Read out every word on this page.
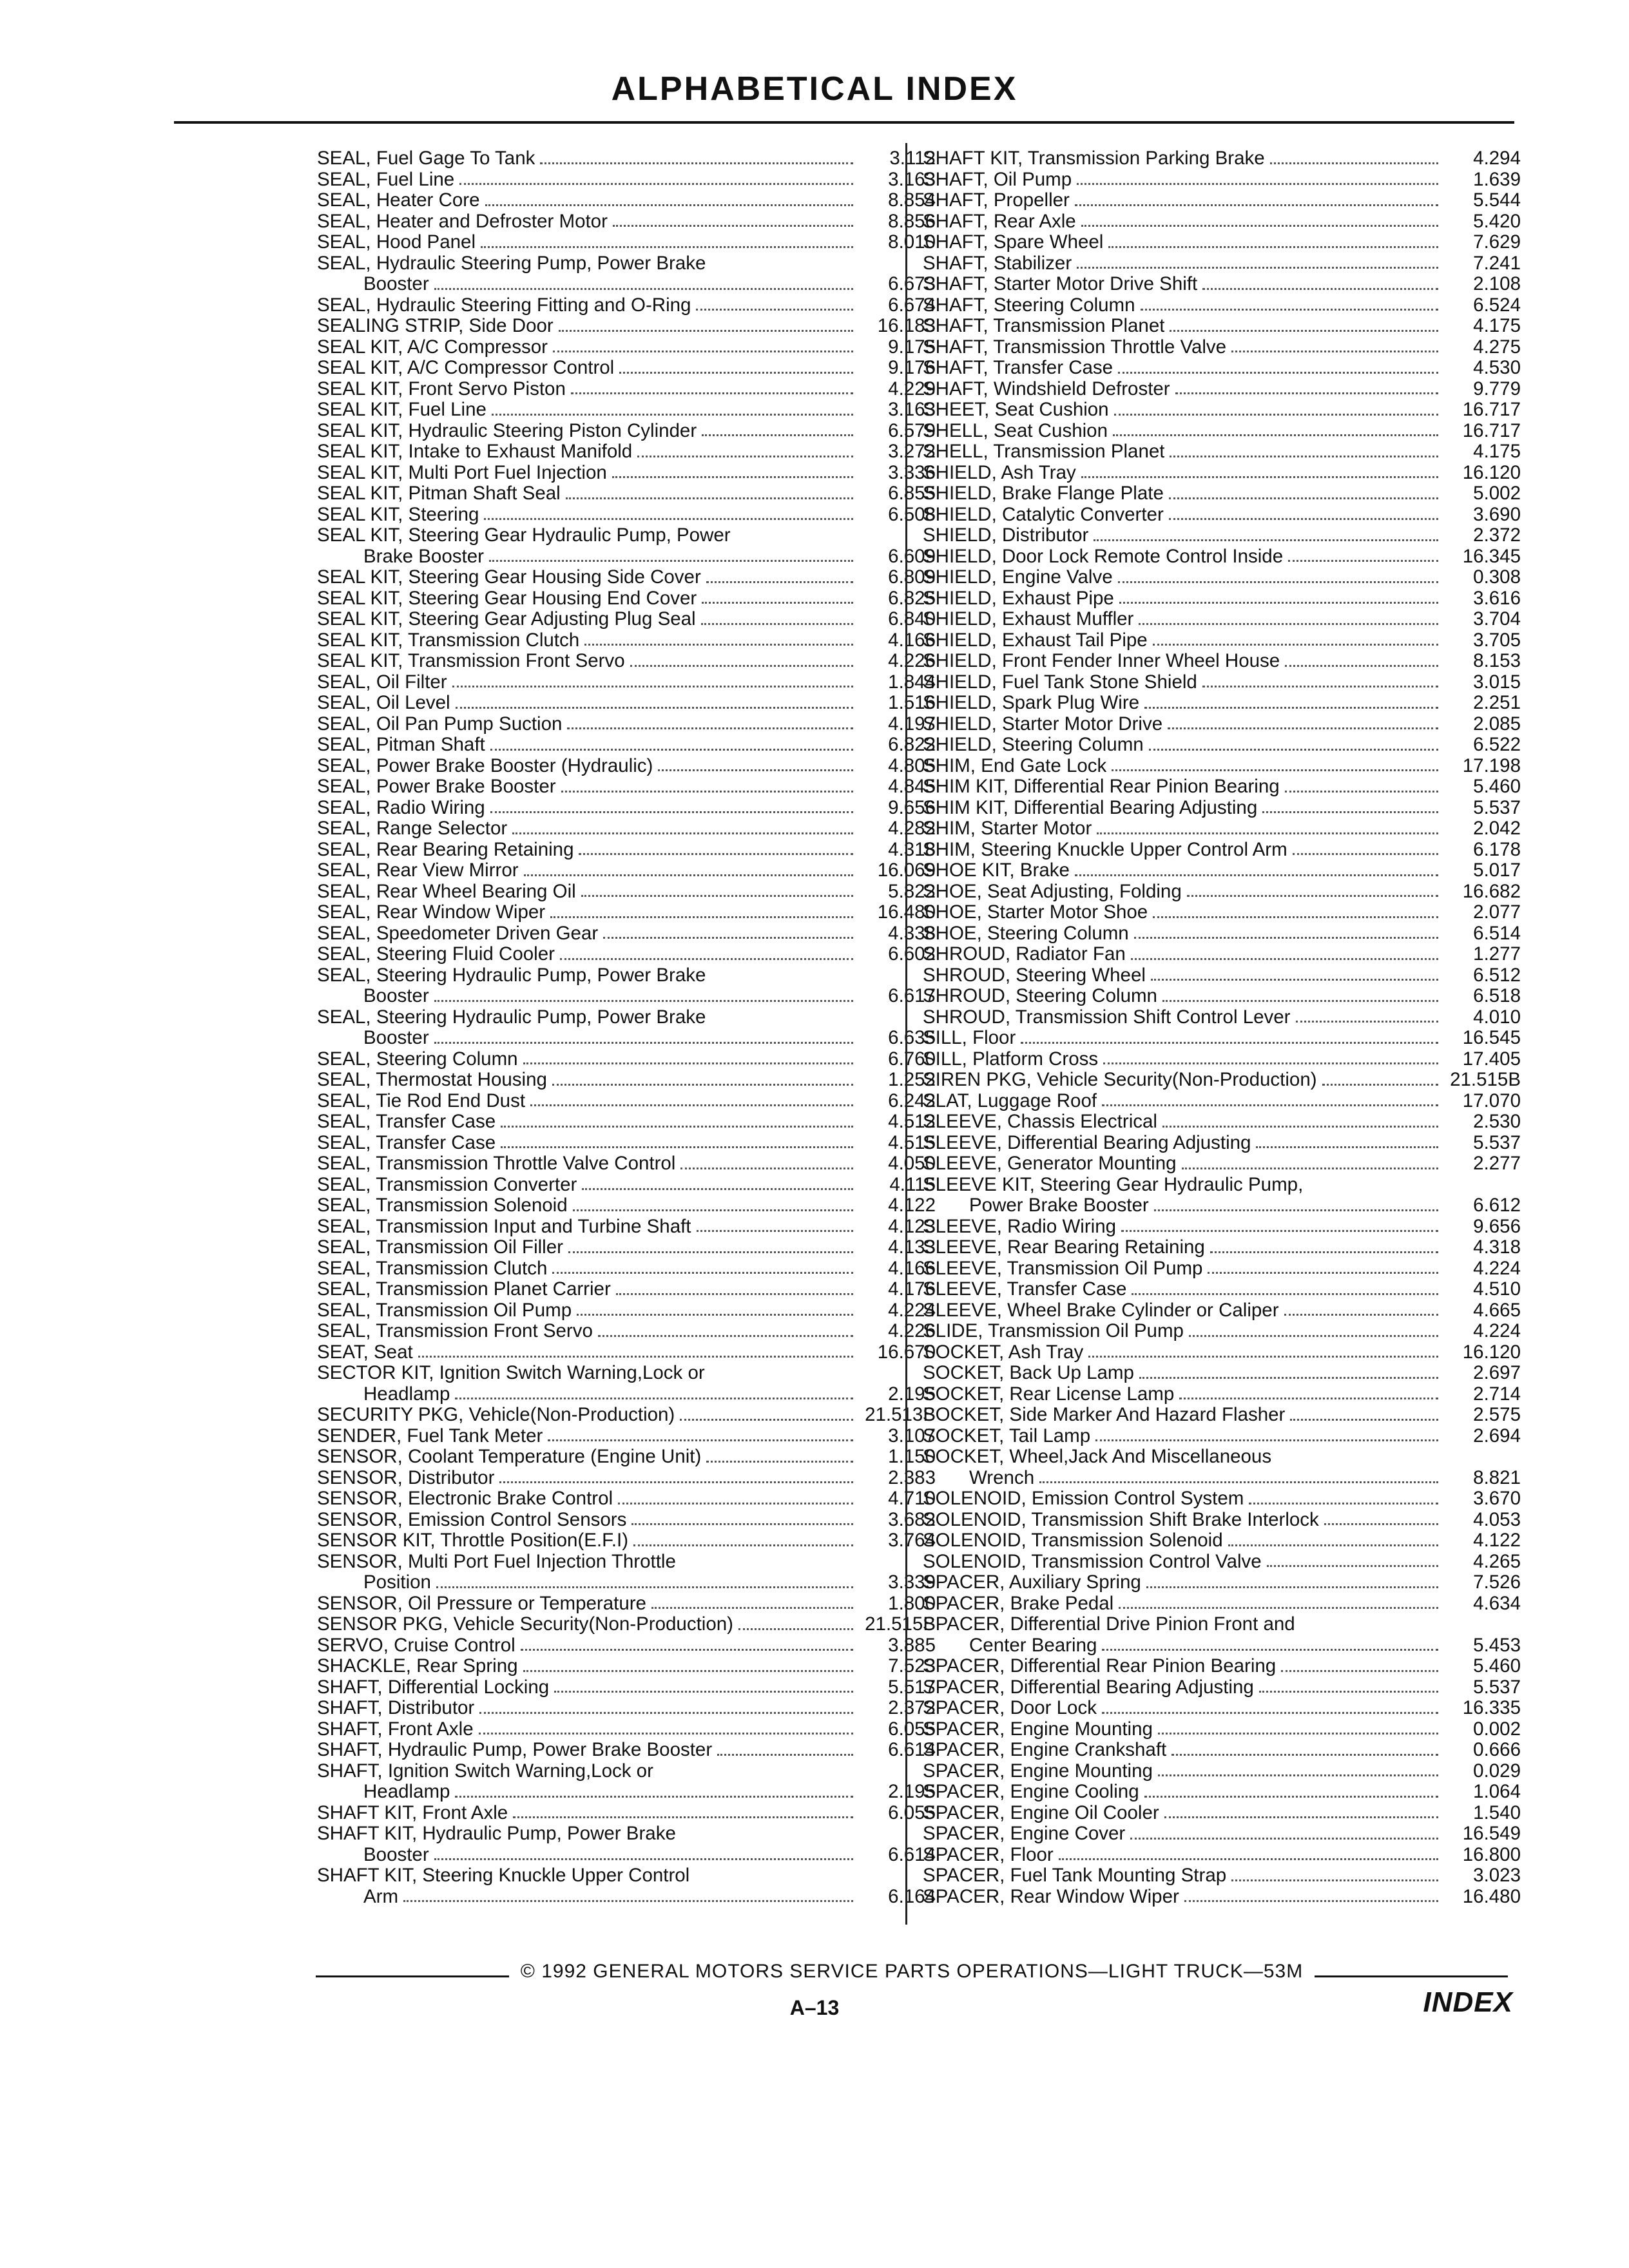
ALPHABETICAL INDEX
SEAL, Fuel Gage To Tank	3.112
SEAL, Fuel Line	3.163
SEAL, Heater Core	8.854
SEAL, Heater and Defroster Motor	8.856
SEAL, Hood Panel	8.010
SEAL, Hydraulic Steering Pump, Power Brake
Booster	6.673
SEAL, Hydraulic Steering Fitting and O-Ring	6.674
SEALING STRIP, Side Door	16.183
SEAL KIT, A/C Compressor	9.175
SEAL KIT, A/C Compressor Control	9.176
SEAL KIT, Front Servo Piston	4.229
SEAL KIT, Fuel Line	3.163
SEAL KIT, Hydraulic Steering Piston Cylinder	6.579
SEAL KIT, Intake to Exhaust Manifold	3.272
SEAL KIT, Multi Port Fuel Injection	3.336
SEAL KIT, Pitman Shaft Seal	6.855
SEAL KIT, Steering	6.508
SEAL KIT, Steering Gear Hydraulic Pump, Power
Brake Booster	6.609
SEAL KIT, Steering Gear Housing Side Cover	6.809
SEAL KIT, Steering Gear Housing End Cover	6.825
SEAL KIT, Steering Gear Adjusting Plug Seal	6.840
SEAL KIT, Transmission Clutch	4.166
SEAL KIT, Transmission Front Servo	4.226
SEAL, Oil Filter	1.844
SEAL, Oil Level	1.516
SEAL, Oil Pan Pump Suction	4.197
SEAL, Pitman Shaft	6.822
SEAL, Power Brake Booster (Hydraulic)	4.805
SEAL, Power Brake Booster	4.845
SEAL, Radio Wiring	9.656
SEAL, Range Selector	4.282
SEAL, Rear Bearing Retaining	4.318
SEAL, Rear View Mirror	16.069
SEAL, Rear Wheel Bearing Oil	5.822
SEAL, Rear Window Wiper	16.480
SEAL, Speedometer Driven Gear	4.338
SEAL, Steering Fluid Cooler	6.602
SEAL, Steering Hydraulic Pump, Power Brake
Booster	6.617
SEAL, Steering Hydraulic Pump, Power Brake
Booster	6.635
SEAL, Steering Column	6.760
SEAL, Thermostat Housing	1.252
SEAL, Tie Rod End Dust	6.242
SEAL, Transfer Case	4.512
SEAL, Transfer Case	4.515
SEAL, Transmission Throttle Valve Control	4.050
SEAL, Transmission Converter	4.115
SEAL, Transmission Solenoid	4.122
SEAL, Transmission Input and Turbine Shaft	4.123
SEAL, Transmission Oil Filler	4.133
SEAL, Transmission Clutch	4.166
SEAL, Transmission Planet Carrier	4.176
SEAL, Transmission Oil Pump	4.224
SEAL, Transmission Front Servo	4.226
SEAT, Seat	16.670
SECTOR KIT, Ignition Switch Warning,Lock or
Headlamp	2.195
SECURITY PKG, Vehicle(Non-Production)	21.513B
SENDER, Fuel Tank Meter	3.107
SENSOR, Coolant Temperature (Engine Unit)	1.150
SENSOR, Distributor	2.383
SENSOR, Electronic Brake Control	4.710
SENSOR, Emission Control Sensors	3.682
SENSOR KIT, Throttle Position(E.F.I)	3.764
SENSOR, Multi Port Fuel Injection Throttle
Position	3.339
SENSOR, Oil Pressure or Temperature	1.800
SENSOR PKG, Vehicle Security(Non-Production)	21.515B
SERVO, Cruise Control	3.885
SHACKLE, Rear Spring	7.523
SHAFT, Differential Locking	5.517
SHAFT, Distributor	2.372
SHAFT, Front Axle	6.055
SHAFT, Hydraulic Pump, Power Brake Booster	6.614
SHAFT, Ignition Switch Warning,Lock or
Headlamp	2.195
SHAFT KIT, Front Axle	6.055
SHAFT KIT, Hydraulic Pump, Power Brake
Booster	6.614
SHAFT KIT, Steering Knuckle Upper Control
Arm	6.164
SHAFT KIT, Transmission Parking Brake	4.294
SHAFT, Oil Pump	1.639
SHAFT, Propeller	5.544
SHAFT, Rear Axle	5.420
SHAFT, Spare Wheel	7.629
SHAFT, Stabilizer	7.241
SHAFT, Starter Motor Drive Shift	2.108
SHAFT, Steering Column	6.524
SHAFT, Transmission Planet	4.175
SHAFT, Transmission Throttle Valve	4.275
SHAFT, Transfer Case	4.530
SHAFT, Windshield Defroster	9.779
SHEET, Seat Cushion	16.717
SHELL, Seat Cushion	16.717
SHELL, Transmission Planet	4.175
SHIELD, Ash Tray	16.120
SHIELD, Brake Flange Plate	5.002
SHIELD, Catalytic Converter	3.690
SHIELD, Distributor	2.372
SHIELD, Door Lock Remote Control Inside	16.345
SHIELD, Engine Valve	0.308
SHIELD, Exhaust Pipe	3.616
SHIELD, Exhaust Muffler	3.704
SHIELD, Exhaust Tail Pipe	3.705
SHIELD, Front Fender Inner Wheel House	8.153
SHIELD, Fuel Tank Stone Shield	3.015
SHIELD, Spark Plug Wire	2.251
SHIELD, Starter Motor Drive	2.085
SHIELD, Steering Column	6.522
SHIM, End Gate Lock	17.198
SHIM KIT, Differential Rear Pinion Bearing	5.460
SHIM KIT, Differential Bearing Adjusting	5.537
SHIM, Starter Motor	2.042
SHIM, Steering Knuckle Upper Control Arm	6.178
SHOE KIT, Brake	5.017
SHOE, Seat Adjusting, Folding	16.682
SHOE, Starter Motor Shoe	2.077
SHOE, Steering Column	6.514
SHROUD, Radiator Fan	1.277
SHROUD, Steering Wheel	6.512
SHROUD, Steering Column	6.518
SHROUD, Transmission Shift Control Lever	4.010
SILL, Floor	16.545
SILL, Platform Cross	17.405
SIREN PKG, Vehicle Security(Non-Production)	21.515B
SLAT, Luggage Roof	17.070
SLEEVE, Chassis Electrical	2.530
SLEEVE, Differential Bearing Adjusting	5.537
SLEEVE, Generator Mounting	2.277
SLEEVE KIT, Steering Gear Hydraulic Pump,
Power Brake Booster	6.612
SLEEVE, Radio Wiring	9.656
SLEEVE, Rear Bearing Retaining	4.318
SLEEVE, Transmission Oil Pump	4.224
SLEEVE, Transfer Case	4.510
SLEEVE, Wheel Brake Cylinder or Caliper	4.665
SLIDE, Transmission Oil Pump	4.224
SOCKET, Ash Tray	16.120
SOCKET, Back Up Lamp	2.697
SOCKET, Rear License Lamp	2.714
SOCKET, Side Marker And Hazard Flasher	2.575
SOCKET, Tail Lamp	2.694
SOCKET, Wheel,Jack And Miscellaneous
Wrench	8.821
SOLENOID, Emission Control System	3.670
SOLENOID, Transmission Shift Brake Interlock	4.053
SOLENOID, Transmission Solenoid	4.122
SOLENOID, Transmission Control Valve	4.265
SPACER, Auxiliary Spring	7.526
SPACER, Brake Pedal	4.634
SPACER, Differential Drive Pinion Front and
Center Bearing	5.453
SPACER, Differential Rear Pinion Bearing	5.460
SPACER, Differential Bearing Adjusting	5.537
SPACER, Door Lock	16.335
SPACER, Engine Mounting	0.002
SPACER, Engine Crankshaft	0.666
SPACER, Engine Mounting	0.029
SPACER, Engine Cooling	1.064
SPACER, Engine Oil Cooler	1.540
SPACER, Engine Cover	16.549
SPACER, Floor	16.800
SPACER, Fuel Tank Mounting Strap	3.023
SPACER, Rear Window Wiper	16.480
© 1992 GENERAL MOTORS SERVICE PARTS OPERATIONS—LIGHT TRUCK—53M
A–13	INDEX
